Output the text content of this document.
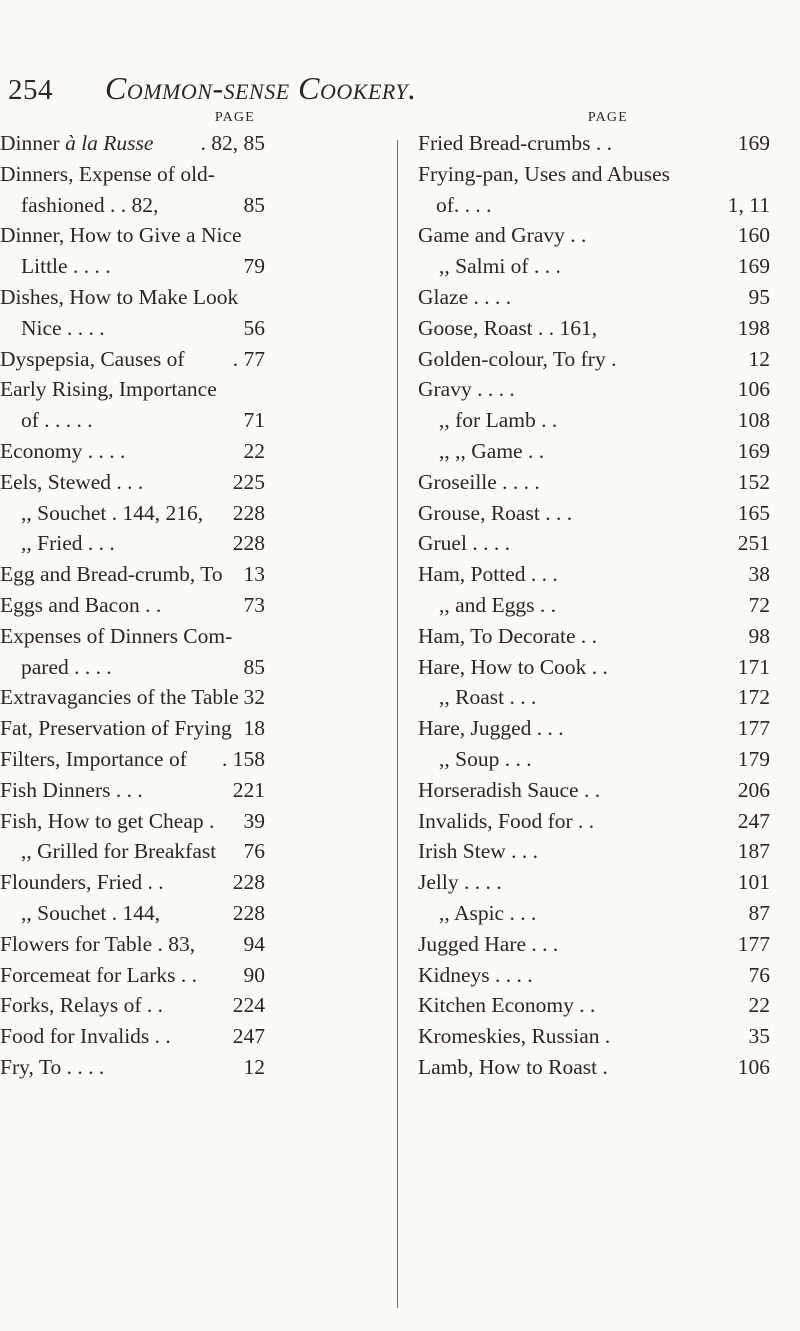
254 Common-sense Cookery.
PAGE
Dinner à la Russe . 82, 85
Dinners, Expense of old-
fashioned . . 82,	85
Dinner, How to Give a Nice
Little . . . .	79
Dishes, How to Make Look
Nice . . . .	56
Dyspepsia, Causes of . 77
Early Rising, Importance
of . . . . .	71
Economy . . . .	22
Eels, Stewed . . .	225
,, Souchet . 144, 216, 228
,, Fried . . .	228
Egg and Bread-crumb, To 13
Eggs and Bacon . .	73
Expenses of Dinners Com-
pared . . . .	85
Extravagancies of the Table 32
Fat, Preservation of Frying 18
Filters, Importance of . 158
Fish Dinners . . .	221
Fish, How to get Cheap . 39
,, Grilled for Breakfast 76
Flounders, Fried . .	228
,, Souchet . 144,	228
Flowers for Table . 83, 94
Forcemeat for Larks . . 90
Forks, Relays of . .	224
Food for Invalids . .	247
Fry, To . . . .	12
PAGE
Fried Bread-crumbs . .	169
Frying-pan, Uses and Abuses
of. . . .	1, 11
Game and Gravy . .	160
,, Salmi of . . .	169
Glaze . . . .	95
Goose, Roast . . 161,	198
Golden-colour, To fry .	12
Gravy . . . .	106
,, for Lamb . .	108
,, ,, Game . .	169
Groseille . . . .	152
Grouse, Roast . . .	165
Gruel . . . .	251
Ham, Potted . . .	38
,, and Eggs . .	72
Ham, To Decorate . .	98
Hare, How to Cook . .	171
,, Roast . . .	172
Hare, Jugged . . .	177
,, Soup . . .	179
Horseradish Sauce . .	206
Invalids, Food for . .	247
Irish Stew . . .	187
Jelly . . . .	101
,, Aspic . . .	87
Jugged Hare . . .	177
Kidneys . . . .	76
Kitchen Economy . .	22
Kromeskies, Russian .	35
Lamb, How to Roast .	106
